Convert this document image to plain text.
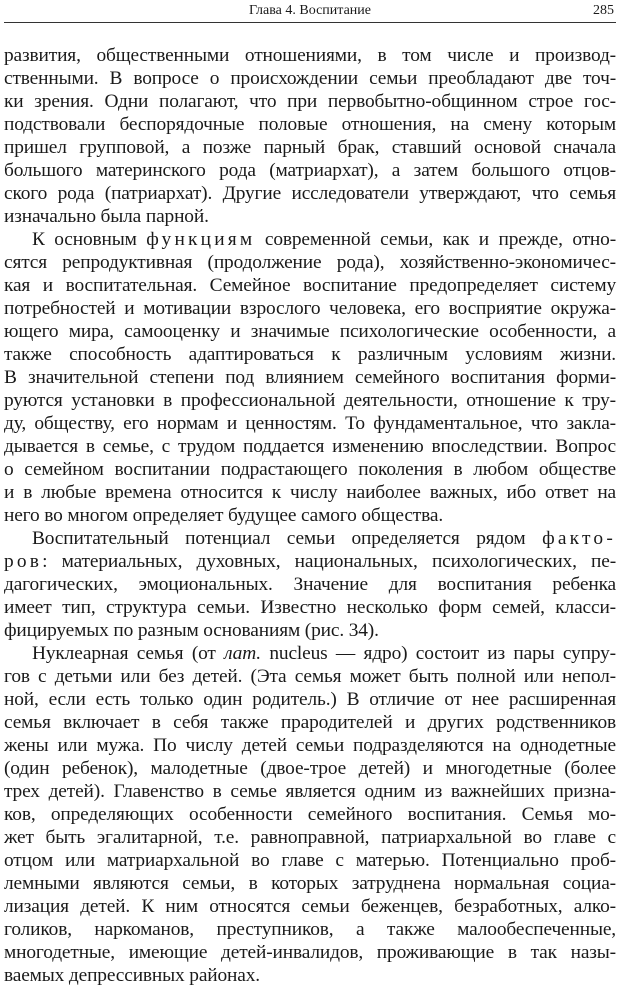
Глава 4. Воспитание	285
развития, общественными отношениями, в том числе и производ-
ственными. В вопросе о происхождении семьи преобладают две точ-
ки зрения. Одни полагают, что при первобытно-общинном строе гос-
подствовали беспорядочные половые отношения, на смену которым
пришел групповой, а позже парный брак, ставший основой сначала
большого материнского рода (матриархат), а затем большого отцов-
ского рода (патриархат). Другие исследователи утверждают, что семья
изначально была парной.
К основным функциям современной семьи, как и прежде, отно-
сятся репродуктивная (продолжение рода), хозяйственно-экономичес-
кая и воспитательная. Семейное воспитание предопределяет систему
потребностей и мотивации взрослого человека, его восприятие окружа-
ющего мира, самооценку и значимые психологические особенности, а
также способность адаптироваться к различным условиям жизни.
В значительной степени под влиянием семейного воспитания форми-
руются установки в профессиональной деятельности, отношение к тру-
ду, обществу, его нормам и ценностям. То фундаментальное, что закла-
дывается в семье, с трудом поддается изменению впоследствии. Вопрос
о семейном воспитании подрастающего поколения в любом обществе
и в любые времена относится к числу наиболее важных, ибо ответ на
него во многом определяет будущее самого общества.
Воспитательный потенциал семьи определяется рядом факто-
ров: материальных, духовных, национальных, психологических, пе-
дагогических, эмоциональных. Значение для воспитания ребенка
имеет тип, структура семьи. Известно несколько форм семей, класси-
фицируемых по разным основаниям (рис. 34).
Нуклеарная семья (от лат. nucleus — ядро) состоит из пары супру-
гов с детьми или без детей. (Эта семья может быть полной или непол-
ной, если есть только один родитель.) В отличие от нее расширенная
семья включает в себя также прародителей и других родственников
жены или мужа. По числу детей семьи подразделяются на однодетные
(один ребенок), малодетные (двое-трое детей) и многодетные (более
трех детей). Главенство в семье является одним из важнейших призна-
ков, определяющих особенности семейного воспитания. Семья мо-
жет быть эгалитарной, т.е. равноправной, патриархальной во главе с
отцом или матриархальной во главе с матерью. Потенциально проб-
лемными являются семьи, в которых затруднена нормальная социа-
лизация детей. К ним относятся семьи беженцев, безработных, алко-
голиков, наркоманов, преступников, а также малообеспеченные,
многодетные, имеющие детей-инвалидов, проживающие в так назы-
ваемых депрессивных районах.
